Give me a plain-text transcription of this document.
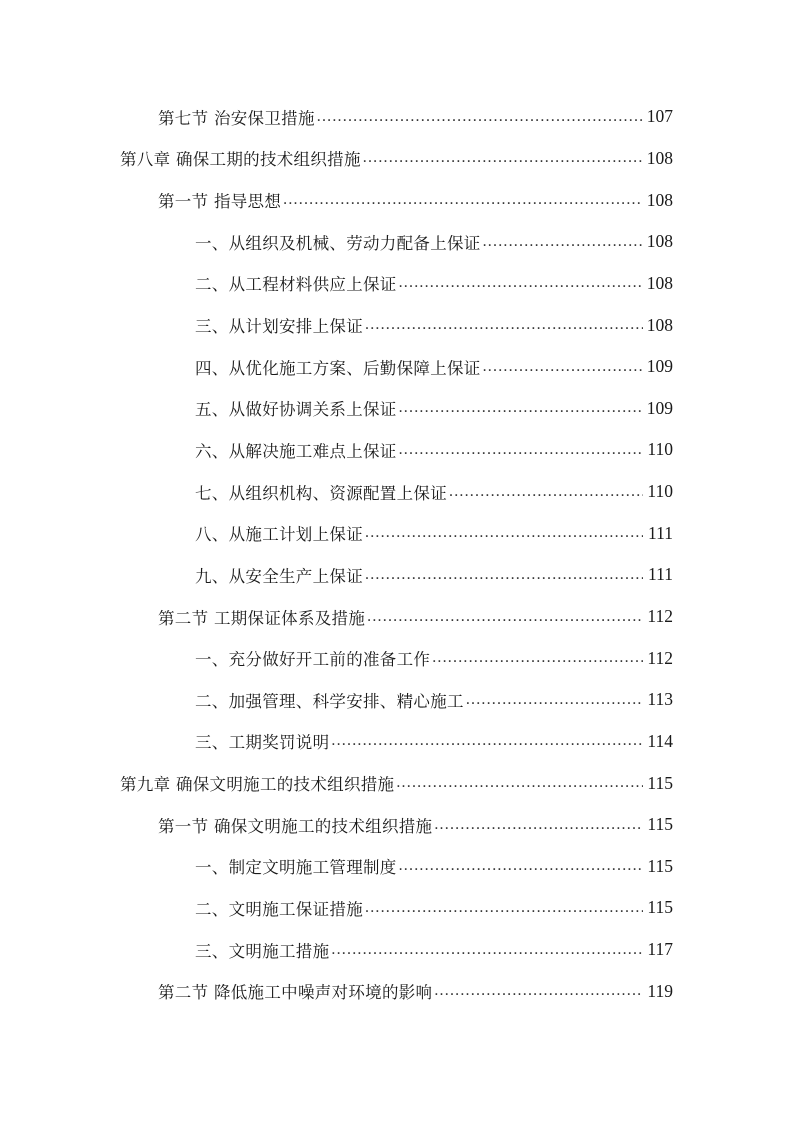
第七节 治安保卫措施 .....	107
第八章 确保工期的技术组织措施 .....	108
第一节 指导思想 .....	108
一、从组织及机械、劳动力配备上保证 .....	108
二、从工程材料供应上保证 .....	108
三、从计划安排上保证 .....	108
四、从优化施工方案、后勤保障上保证 .....	109
五、从做好协调关系上保证 .....	109
六、从解决施工难点上保证 .....	110
七、从组织机构、资源配置上保证 .....	110
八、从施工计划上保证 .....	111
九、从安全生产上保证 .....	111
第二节 工期保证体系及措施 .....	112
一、充分做好开工前的准备工作 .....	112
二、加强管理、科学安排、精心施工 .....	113
三、工期奖罚说明 .....	114
第九章 确保文明施工的技术组织措施 .....	115
第一节 确保文明施工的技术组织措施 .....	115
一、制定文明施工管理制度 .....	115
二、文明施工保证措施 .....	115
三、文明施工措施 .....	117
第二节 降低施工中噪声对环境的影响 .....	119
